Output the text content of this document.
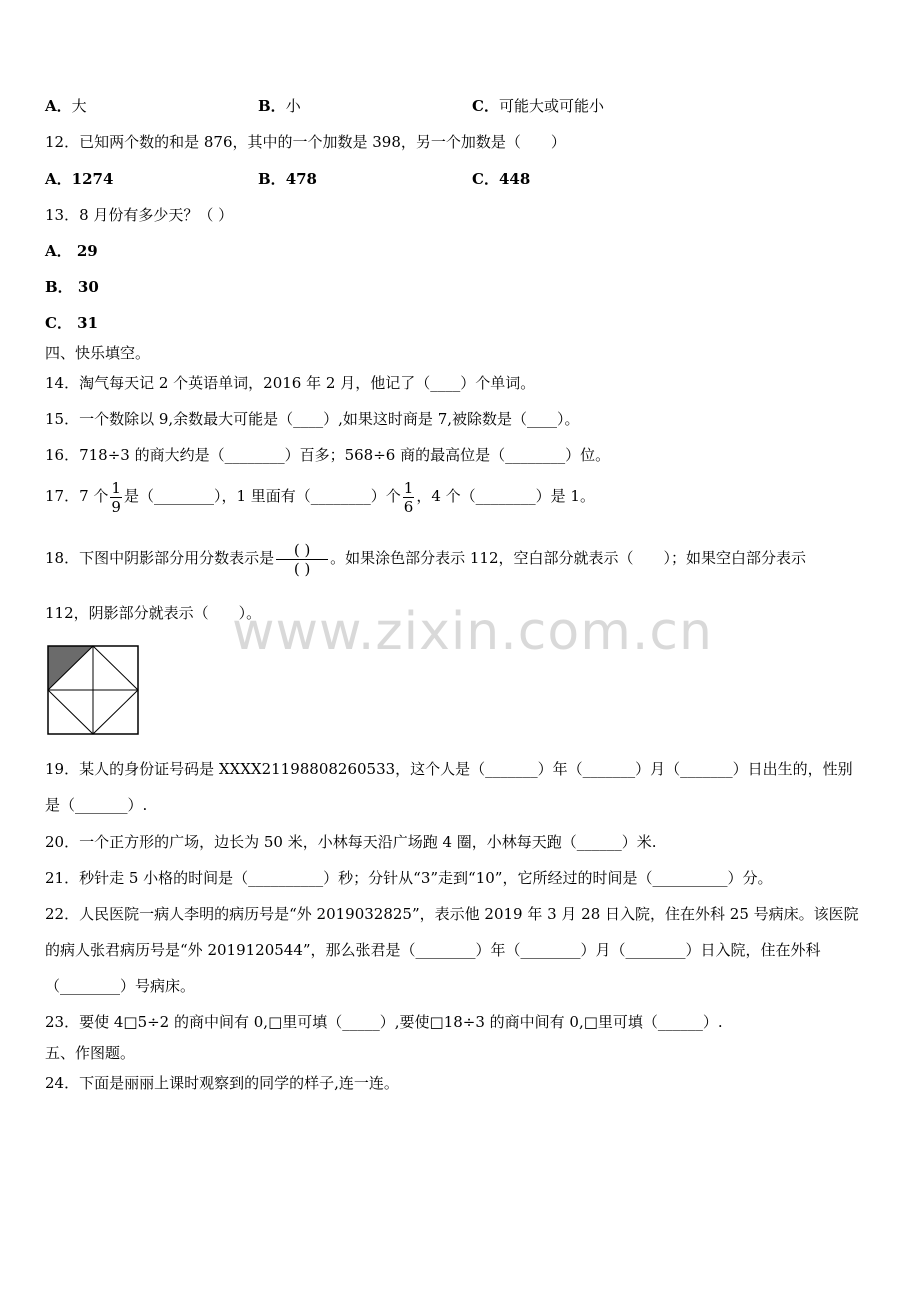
www.zixin.com.cn
A．大	B．小	C．可能大或可能小
12．已知两个数的和是 876，其中的一个加数是 398，另一个加数是（　　）
A．1274	B．478	C．448
13．8 月份有多少天？（ ）
A． 29
B． 30
C． 31
四、快乐填空。
14．淘气每天记 2 个英语单词，2016 年 2 月，他记了（____）个单词。
15．一个数除以 9,余数最大可能是（____）,如果这时商是 7,被除数是（____）。
16．718÷3 的商大约是（________）百多；568÷6 商的最高位是（________）位。
17．7 个 $\frac{1}{9}$ 是（________），1 里面有（________）个 $\frac{1}{6}$ ，4 个（________）是 1。
18．下图中阴影部分用分数表示是 $\frac{( )}{( )}$ 。如果涂色部分表示 112，空白部分就表示（　　）；如果空白部分表示
112，阴影部分就表示（　　）。
19．某人的身份证号码是 XXXX21198808260533，这个人是（_______）年（_______）月（_______）日出生的，性别
是（_______）.
20．一个正方形的广场，边长为 50 米，小林每天沿广场跑 4 圈，小林每天跑（______）米.
21．秒针走 5 小格的时间是（__________）秒；分针从“3”走到“10”，它所经过的时间是（__________）分。
22．人民医院一病人李明的病历号是“外 2019032825”，表示他 2019 年 3 月 28 日入院，住在外科 25 号病床。该医院
的病人张君病历号是“外 2019120544”，那么张君是（________）年（________）月（________）日入院，住在外科
（________）号病床。
23．要使 4□5÷2 的商中间有 0,□里可填（_____）,要使□18÷3 的商中间有 0,□里可填（______）.
五、作图题。
24．下面是丽丽上课时观察到的同学的样子,连一连。
